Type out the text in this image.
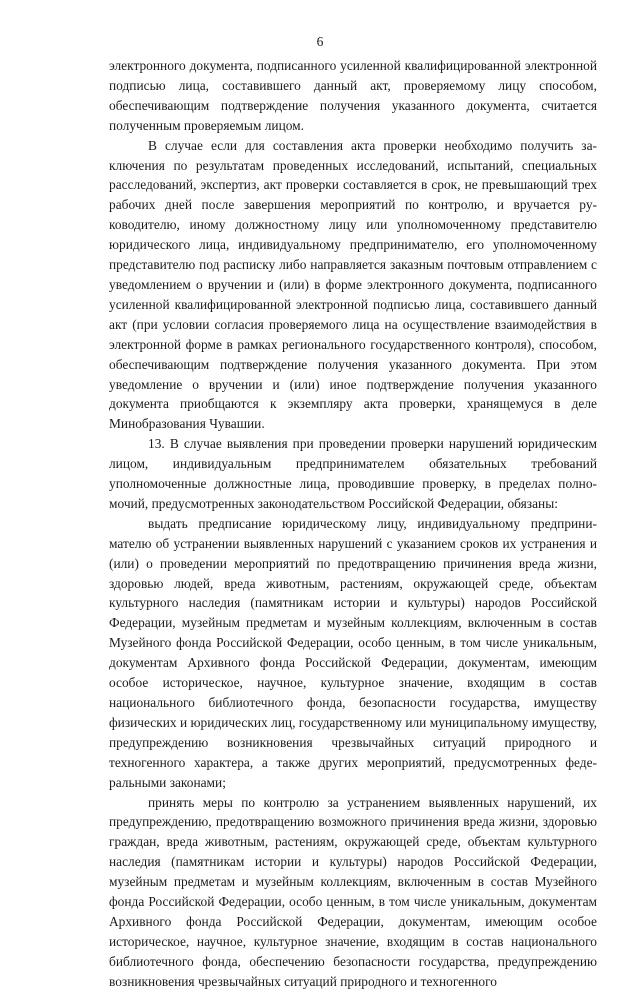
6

электронного документа, подписанного усиленной квалифицированной электронной подписью лица, составившего данный акт, проверяемому лицу способом, обеспечивающим подтверждение получения указанного документа, считается полученным проверяемым лицом.

В случае если для составления акта проверки необходимо получить заключения по результатам проведенных исследований, испытаний, специальных расследований, экспертиз, акт проверки составляется в срок, не превышающий трех рабочих дней после завершения мероприятий по контролю, и вручается руководителю, иному должностному лицу или уполномоченному представителю юридического лица, индивидуальному предпринимателю, его уполномоченному представителю под расписку либо направляется заказным почтовым отправлением с уведомлением о вручении и (или) в форме электронного документа, подписанного усиленной квалифицированной электронной подписью лица, составившего данный акт (при условии согласия проверяемого лица на осуществление взаимодействия в электронной форме в рамках регионального государственного контроля), способом, обеспечивающим подтверждение получения указанного документа. При этом уведомление о вручении и (или) иное подтверждение получения указанного документа приобщаются к экземпляру акта проверки, хранящемуся в деле Минобразования Чувашии.

13. В случае выявления при проведении проверки нарушений юридическим лицом, индивидуальным предпринимателем обязательных требований уполномоченные должностные лица, проводившие проверку, в пределах полномочий, предусмотренных законодательством Российской Федерации, обязаны:

выдать предписание юридическому лицу, индивидуальному предпринимателю об устранении выявленных нарушений с указанием сроков их устранения и (или) о проведении мероприятий по предотвращению причинения вреда жизни, здоровью людей, вреда животным, растениям, окружающей среде, объектам культурного наследия (памятникам истории и культуры) народов Российской Федерации, музейным предметам и музейным коллекциям, включенным в состав Музейного фонда Российской Федерации, особо ценным, в том числе уникальным, документам Архивного фонда Российской Федерации, документам, имеющим особое историческое, научное, культурное значение, входящим в состав национального библиотечного фонда, безопасности государства, имуществу физических и юридических лиц, государственному или муниципальному имуществу, предупреждению возникновения чрезвычайных ситуаций природного и техногенного характера, а также других мероприятий, предусмотренных федеральными законами;

принять меры по контролю за устранением выявленных нарушений, их предупреждению, предотвращению возможного причинения вреда жизни, здоровью граждан, вреда животным, растениям, окружающей среде, объектам культурного наследия (памятникам истории и культуры) народов Российской Федерации, музейным предметам и музейным коллекциям, включенным в состав Музейного фонда Российской Федерации, особо ценным, в том числе уникальным, документам Архивного фонда Российской Федерации, документам, имеющим особое историческое, научное, культурное значение, входящим в состав национального библиотечного фонда, обеспечению безопасности государства, предупреждению возникновения чрезвычайных ситуаций природного и техногенного
